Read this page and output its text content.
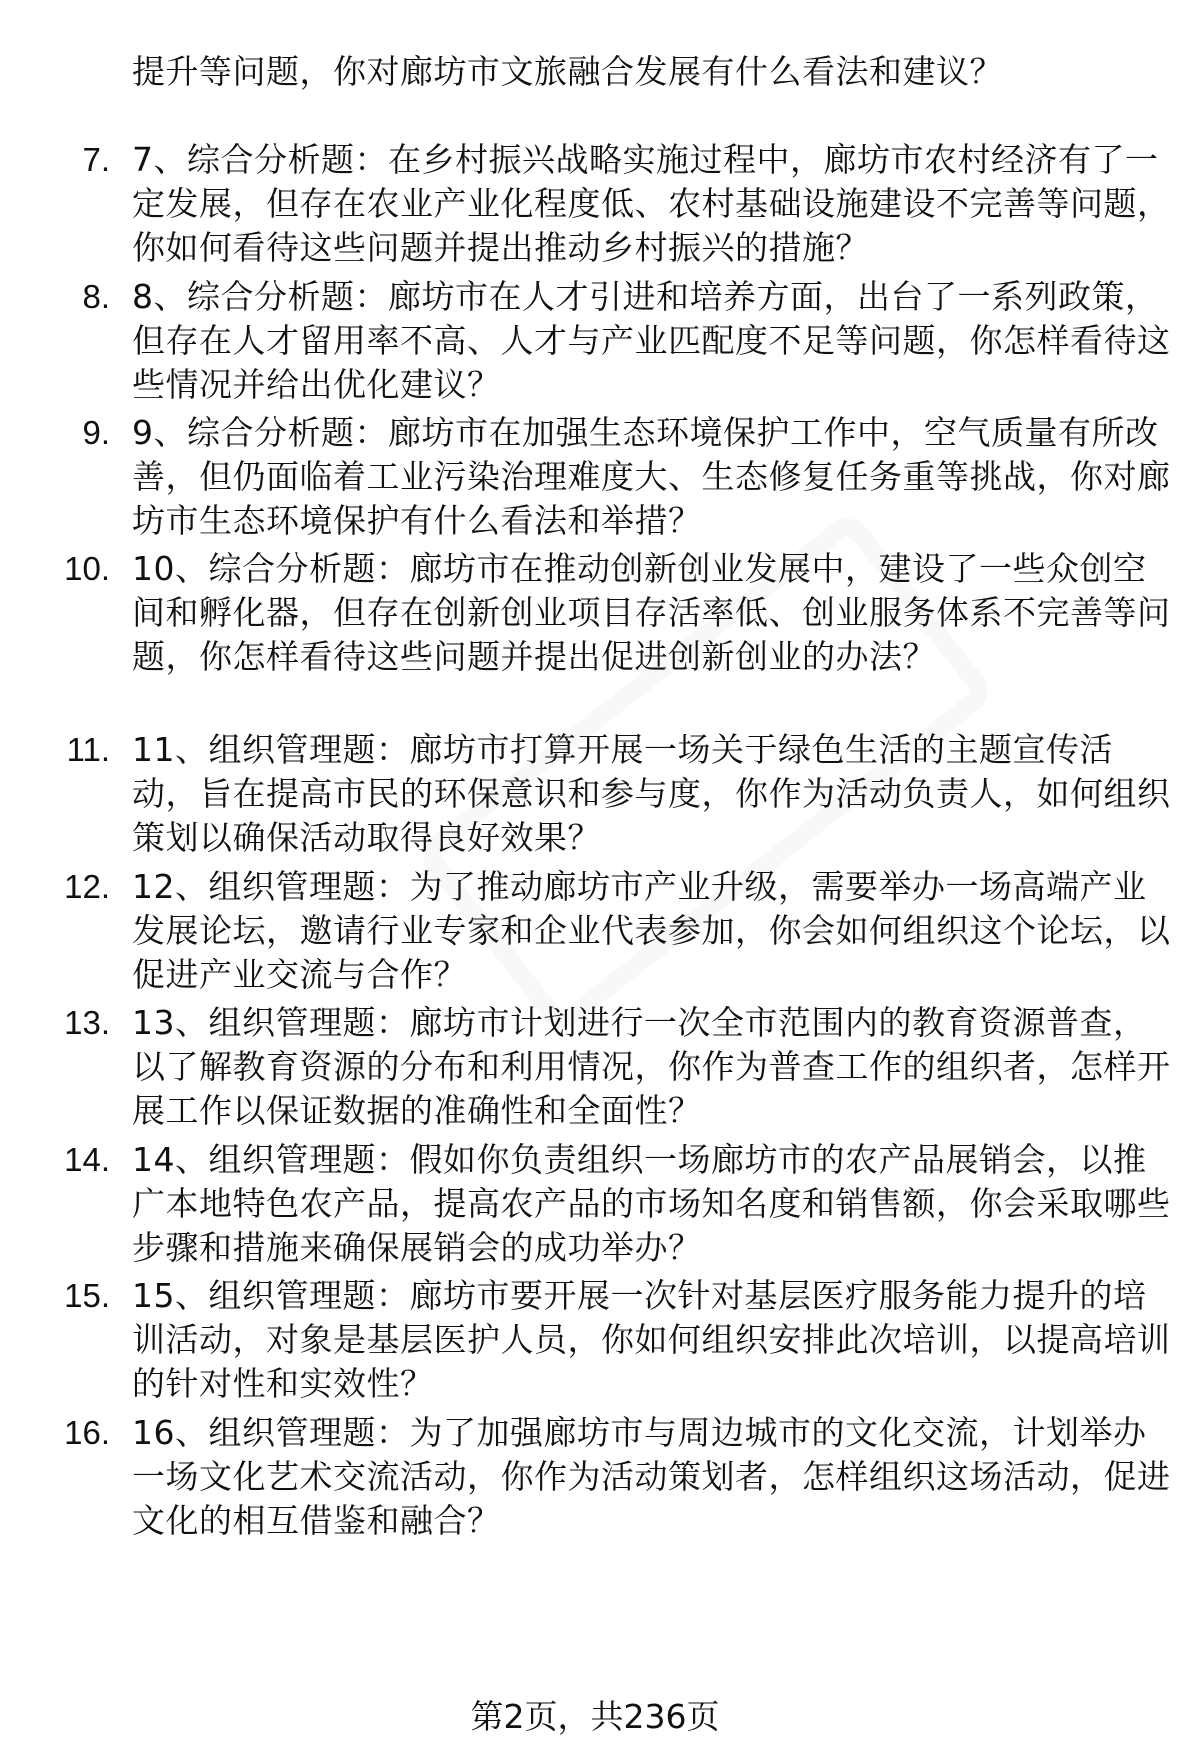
提升等问题，你对廊坊市文旅融合发展有什么看法和建议？
7. 7、综合分析题：在乡村振兴战略实施过程中，廊坊市农村经济有了一定发展，但存在农业产业化程度低、农村基础设施建设不完善等问题，你如何看待这些问题并提出推动乡村振兴的措施？
8. 8、综合分析题：廊坊市在人才引进和培养方面，出台了一系列政策，但存在人才留用率不高、人才与产业匹配度不足等问题，你怎样看待这些情况并给出优化建议？
9. 9、综合分析题：廊坊市在加强生态环境保护工作中，空气质量有所改善，但仍面临着工业污染治理难度大、生态修复任务重等挑战，你对廊坊市生态环境保护有什么看法和举措？
10. 10、综合分析题：廊坊市在推动创新创业发展中，建设了一些众创空间和孵化器，但存在创新创业项目存活率低、创业服务体系不完善等问题，你怎样看待这些问题并提出促进创新创业的办法？
11. 11、组织管理题：廊坊市打算开展一场关于绿色生活的主题宣传活动，旨在提高市民的环保意识和参与度，你作为活动负责人，如何组织策划以确保活动取得良好效果？
12. 12、组织管理题：为了推动廊坊市产业升级，需要举办一场高端产业发展论坛，邀请行业专家和企业代表参加，你会如何组织这个论坛，以促进产业交流与合作？
13. 13、组织管理题：廊坊市计划进行一次全市范围内的教育资源普查，以了解教育资源的分布和利用情况，你作为普查工作的组织者，怎样开展工作以保证数据的准确性和全面性？
14. 14、组织管理题：假如你负责组织一场廊坊市的农产品展销会，以推广本地特色农产品，提高农产品的市场知名度和销售额，你会采取哪些步骤和措施来确保展销会的成功举办？
15. 15、组织管理题：廊坊市要开展一次针对基层医疗服务能力提升的培训活动，对象是基层医护人员，你如何组织安排此次培训，以提高培训的针对性和实效性？
16. 16、组织管理题：为了加强廊坊市与周边城市的文化交流，计划举办一场文化艺术交流活动，你作为活动策划者，怎样组织这场活动，促进文化的相互借鉴和融合？
第2页，共236页
